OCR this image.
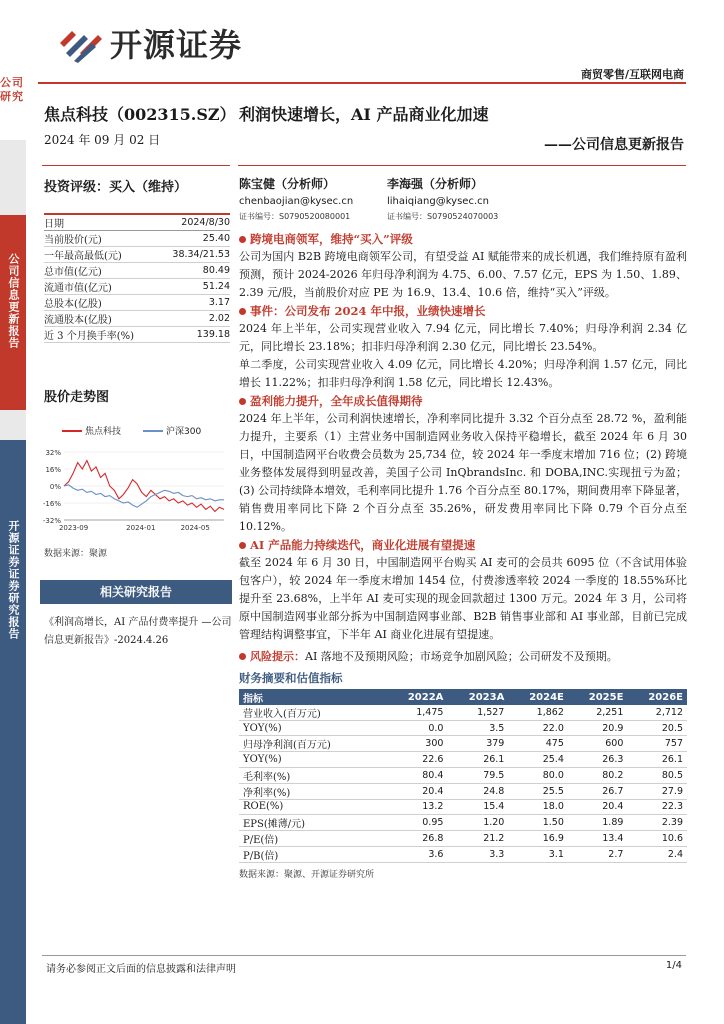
公司研究
公司信息更新报告
开源证券证券研究报告
开源证券
商贸零售/互联网电商
焦点科技（002315.SZ）
2024 年 09 月 02 日
利润快速增长，AI 产品商业化加速
——公司信息更新报告
投资评级：买入（维持）	陈宝健（分析师）
chenbaojian@kysec.cn
证书编号：S0790520080001
李海强（分析师）
lihaiqiang@kysec.cn
证书编号：S0790524070003
日期	2024/8/30
当前股价(元)	25.40
一年最高最低(元)	38.34/21.53
总市值(亿元)	80.49
流通市值(亿元)	51.24
总股本(亿股)	3.17
流通股本(亿股)	2.02
近 3 个月换手率(%)	139.18
股价走势图
焦点科技	沪深300
32%
16%
0%
-16%
-32%
2023-09	2024-01	2024-05
数据来源：聚源
相关研究报告
《利润高增长，AI 产品付费率提升 —公司信息更新报告》-2024.4.26
跨境电商领军，维持“买入”评级
公司为国内 B2B 跨境电商领军公司，有望受益 AI 赋能带来的成长机遇，我们维持原有盈利预测，预计 2024-2026 年归母净利润为 4.75、6.00、7.57 亿元，EPS 为 1.50、1.89、2.39 元/股，当前股价对应 PE 为 16.9、13.4、10.6 倍，维持“买入”评级。
事件：公司发布 2024 年中报，业绩快速增长
2024 年上半年，公司实现营业收入 7.94 亿元，同比增长 7.40%；归母净利润 2.34 亿元，同比增长 23.18%；扣非归母净利润 2.30 亿元，同比增长 23.54%。
单二季度，公司实现营业收入 4.09 亿元，同比增长 4.20%；归母净利润 1.57 亿元，同比增长 11.22%；扣非归母净利润 1.58 亿元，同比增长 12.43%。
盈利能力提升，全年成长值得期待
2024 年上半年，公司利润快速增长，净利率同比提升 3.32 个百分点至 28.72 %，盈利能力提升，主要系（1）主营业务中国制造网业务收入保持平稳增长，截至 2024 年 6 月 30 日，中国制造网平台收费会员数为 25,734 位，较 2024 年一季度末增加 716 位；(2) 跨境业务整体发展得到明显改善，美国子公司 InQbrandsInc. 和 DOBA,INC.实现扭亏为盈；(3) 公司持续降本增效，毛利率同比提升 1.76 个百分点至 80.17%，期间费用率下降显著，销售费用率同比下降 2 个百分点至 35.26%，研发费用率同比下降 0.79 个百分点至 10.12%。
AI 产品能力持续迭代，商业化进展有望提速
截至 2024 年 6 月 30 日，中国制造网平台购买 AI 麦可的会员共 6095 位（不含试用体验包客户），较 2024 年一季度末增加 1454 位，付费渗透率较 2024 一季度的 18.55%环比提升至 23.68%，上半年 AI 麦可实现的现金回款超过 1300 万元。2024 年 3 月，公司将原中国制造网事业部分拆为中国制造网事业部、B2B 销售事业部和 AI 事业部，目前已完成管理结构调整事宜，下半年 AI 商业化进展有望提速。
风险提示： AI 落地不及预期风险；市场竞争加剧风险；公司研发不及预期。
财务摘要和估值指标
指标	2022A	2023A	2024E	2025E	2026E
营业收入(百万元)	1,475	1,527	1,862	2,251	2,712
YOY(%)	0.0	3.5	22.0	20.9	20.5
归母净利润(百万元)	300	379	475	600	757
YOY(%)	22.6	26.1	25.4	26.3	26.1
毛利率(%)	80.4	79.5	80.0	80.2	80.5
净利率(%)	20.4	24.8	25.5	26.7	27.9
ROE(%)	13.2	15.4	18.0	20.4	22.3
EPS(摊薄/元)	0.95	1.20	1.50	1.89	2.39
P/E(倍)	26.8	21.2	16.9	13.4	10.6
P/B(倍)	3.6	3.3	3.1	2.7	2.4
数据来源：聚源、开源证券研究所
请务必参阅正文后面的信息披露和法律声明	1/4
